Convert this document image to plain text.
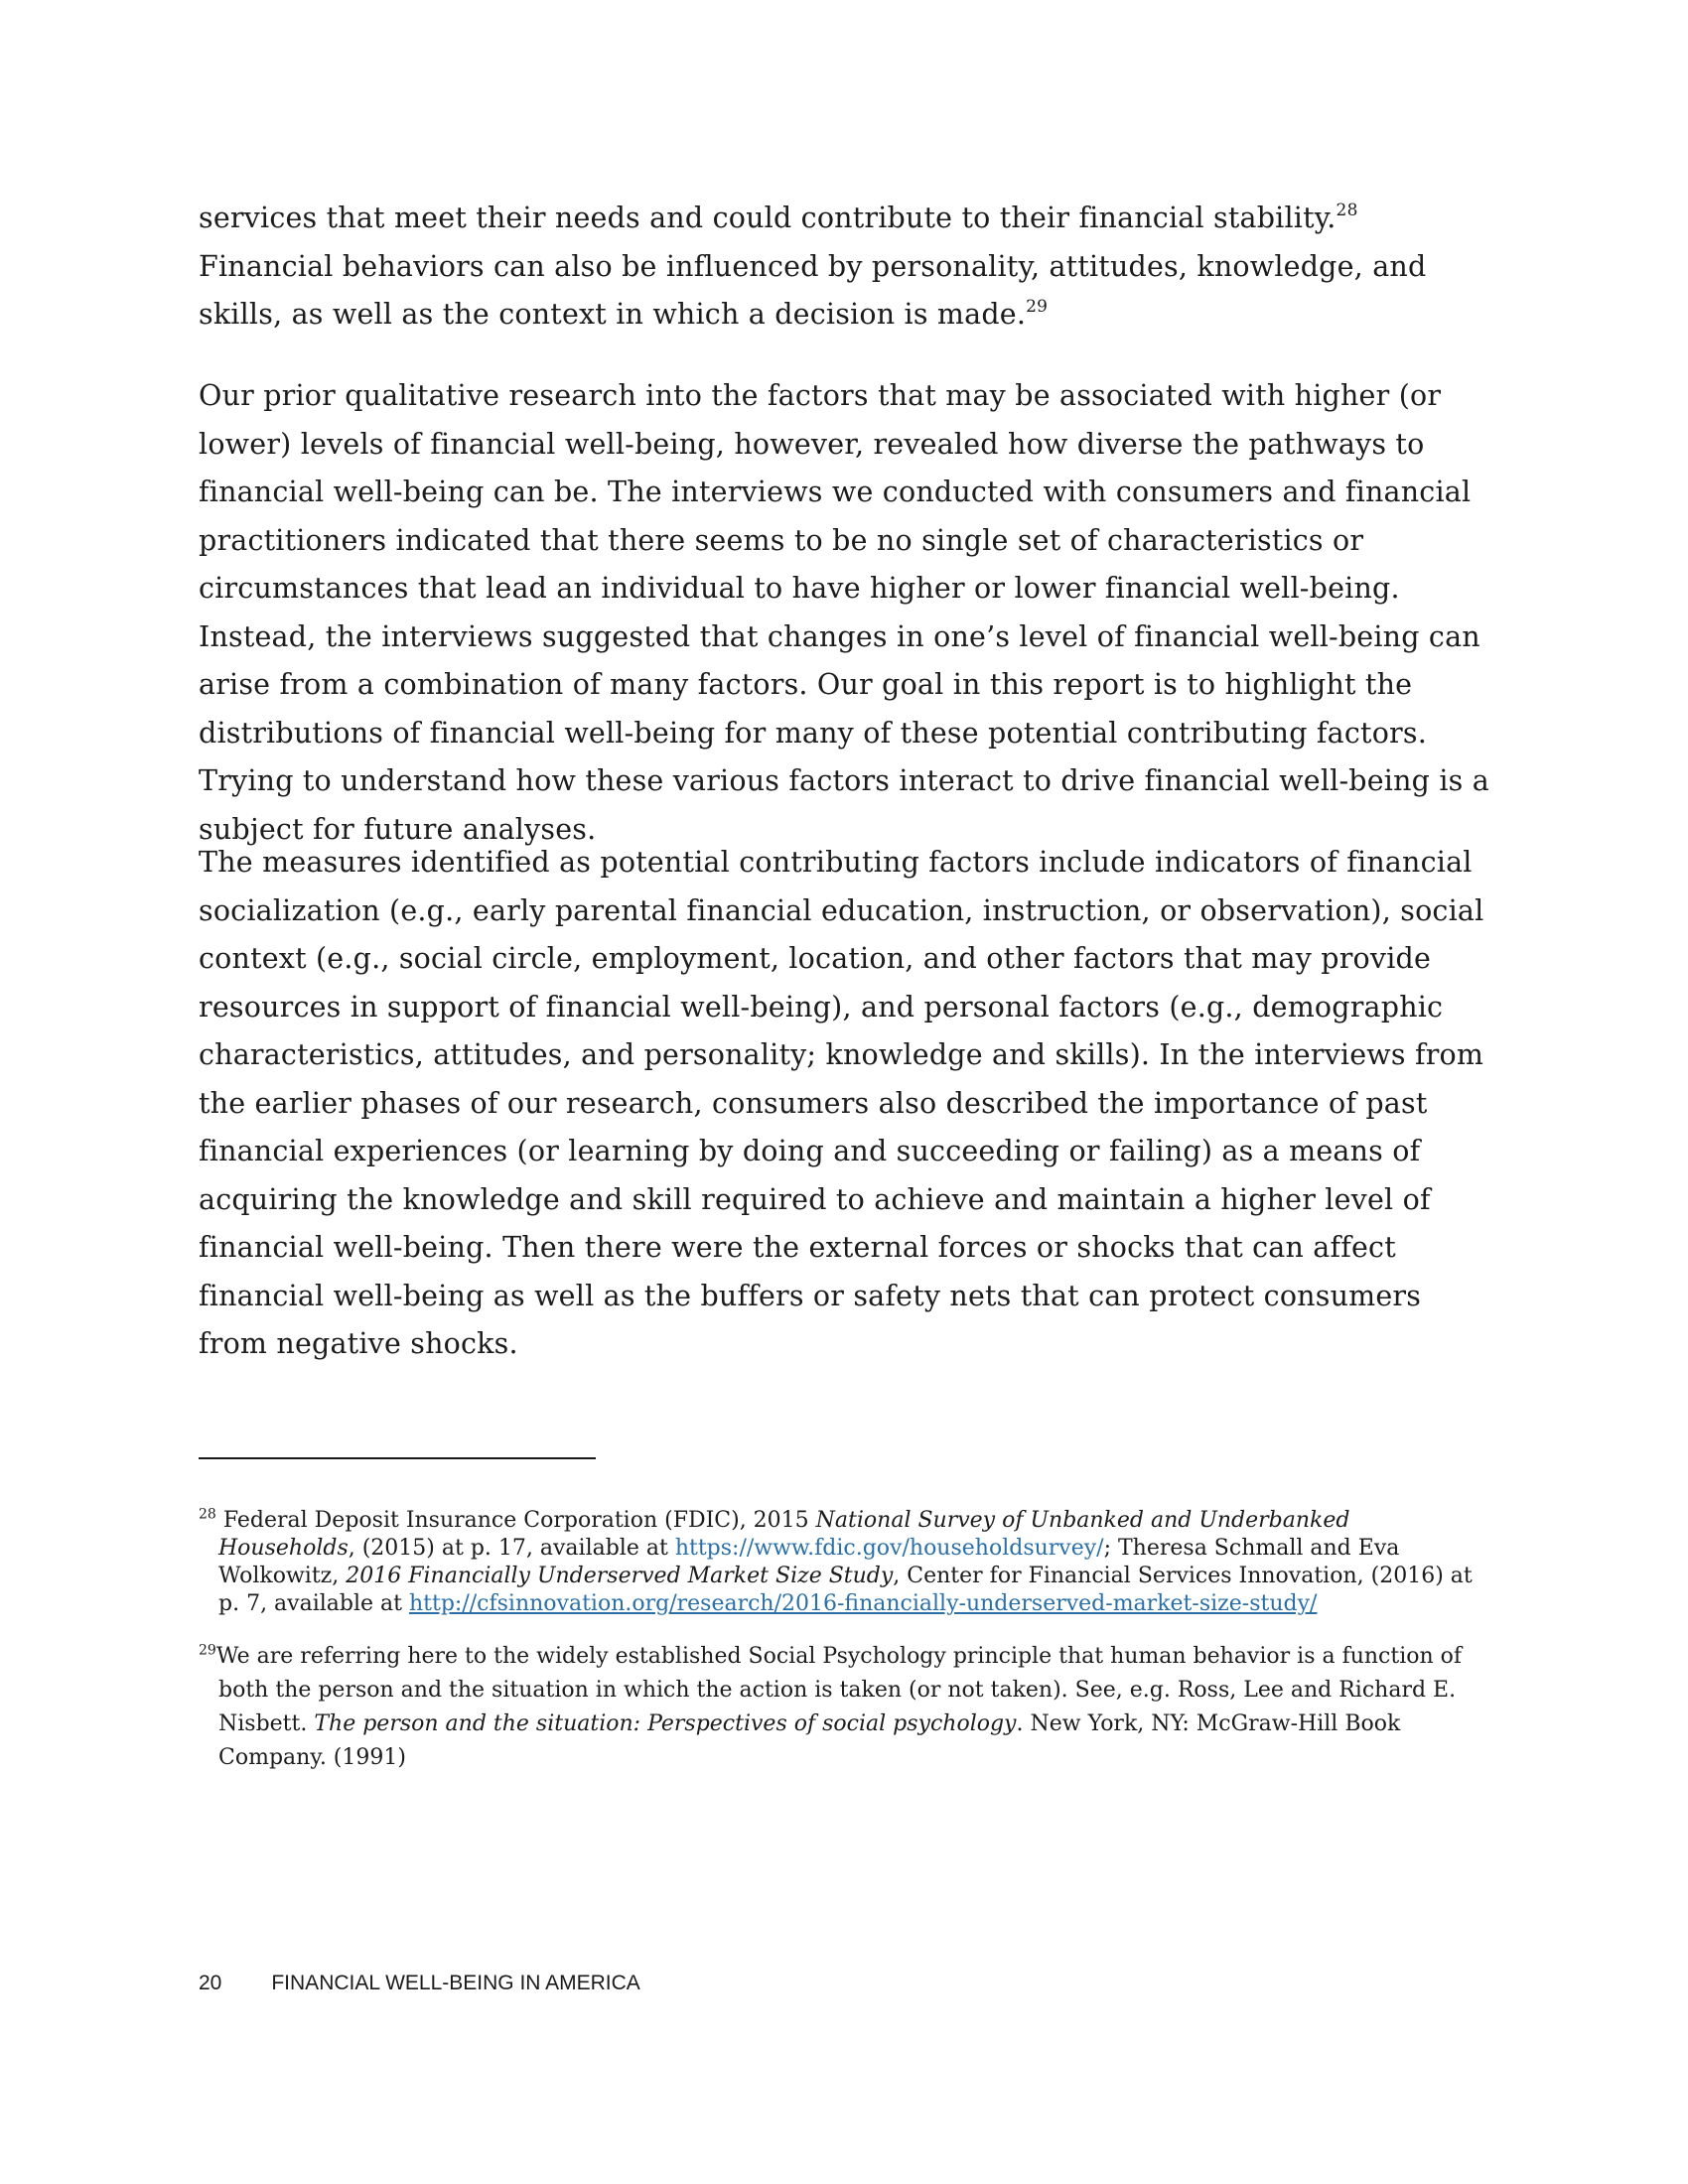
services that meet their needs and could contribute to their financial stability.$^{28}$ Financial behaviors can also be influenced by personality, attitudes, knowledge, and skills, as well as the context in which a decision is made.$^{29}$

Our prior qualitative research into the factors that may be associated with higher (or lower) levels of financial well-being, however, revealed how diverse the pathways to financial well-being can be. The interviews we conducted with consumers and financial practitioners indicated that there seems to be no single set of characteristics or circumstances that lead an individual to have higher or lower financial well-being. Instead, the interviews suggested that changes in one’s level of financial well-being can arise from a combination of many factors. Our goal in this report is to highlight the distributions of financial well-being for many of these potential contributing factors. Trying to understand how these various factors interact to drive financial well-being is a subject for future analyses.

The measures identified as potential contributing factors include indicators of financial socialization (e.g., early parental financial education, instruction, or observation), social context (e.g., social circle, employment, location, and other factors that may provide resources in support of financial well-being), and personal factors (e.g., demographic characteristics, attitudes, and personality; knowledge and skills). In the interviews from the earlier phases of our research, consumers also described the importance of past financial experiences (or learning by doing and succeeding or failing) as a means of acquiring the knowledge and skill required to achieve and maintain a higher level of financial well-being. Then there were the external forces or shocks that can affect financial well-being as well as the buffers or safety nets that can protect consumers from negative shocks.

$^{28}$ Federal Deposit Insurance Corporation (FDIC), 2015 National Survey of Unbanked and Underbanked Households, (2015) at p. 17, available at https://www.fdic.gov/householdsurvey/; Theresa Schmall and Eva Wolkowitz, 2016 Financially Underserved Market Size Study, Center for Financial Services Innovation, (2016) at p. 7, available at http://cfsinnovation.org/research/2016-financially-underserved-market-size-study/
$^{29}$We are referring here to the widely established Social Psychology principle that human behavior is a function of both the person and the situation in which the action is taken (or not taken). See, e.g. Ross, Lee and Richard E. Nisbett. The person and the situation: Perspectives of social psychology. New York, NY: McGraw-Hill Book Company. (1991)
20 FINANCIAL WELL-BEING IN AMERICA
